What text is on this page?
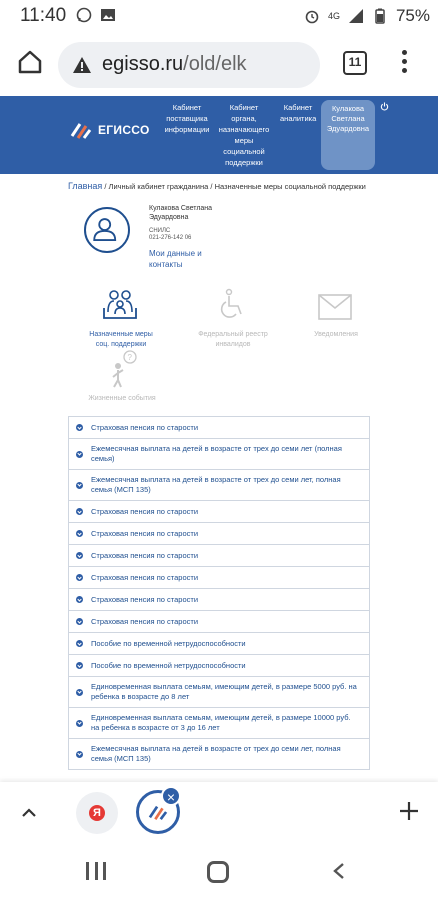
11:40	4G	75%
egisso.ru/old/elk	11
ЕГИССО
Кабинет поставщика информации
Кабинет органа, назначающего меры социальной поддержки
Кабинет аналитика
Кулакова Светлана Эдуардовна
Главная / Личный кабинет гражданина / Назначенные меры социальной поддержки
Кулакова Светлана Эдуардовна
СНИЛС
021-276-142 06
Мои данные и контакты
Назначенные меры соц. поддержки
Федеральный реестр инвалидов
Уведомления
?
Жизненные события
Страховая пенсия по старости
Ежемесячная выплата на детей в возрасте от трех до семи лет (полная семья)
Ежемесячная выплата на детей в возрасте от трех до семи лет, полная семья (МСП 135)
Страховая пенсия по старости
Страховая пенсия по старости
Страховая пенсия по старости
Страховая пенсия по старости
Страховая пенсия по старости
Страховая пенсия по старости
Пособие по временной нетрудоспособности
Пособие по временной нетрудоспособности
Единовременная выплата семьям, имеющим детей, в размере 5000 руб. на ребенка в возрасте до 8 лет
Единовременная выплата семьям, имеющим детей, в размере 10000 руб. на ребенка в возрасте от 3 до 16 лет
Ежемесячная выплата на детей в возрасте от трех до семи лет, полная семья (МСП 135)
Я
×
